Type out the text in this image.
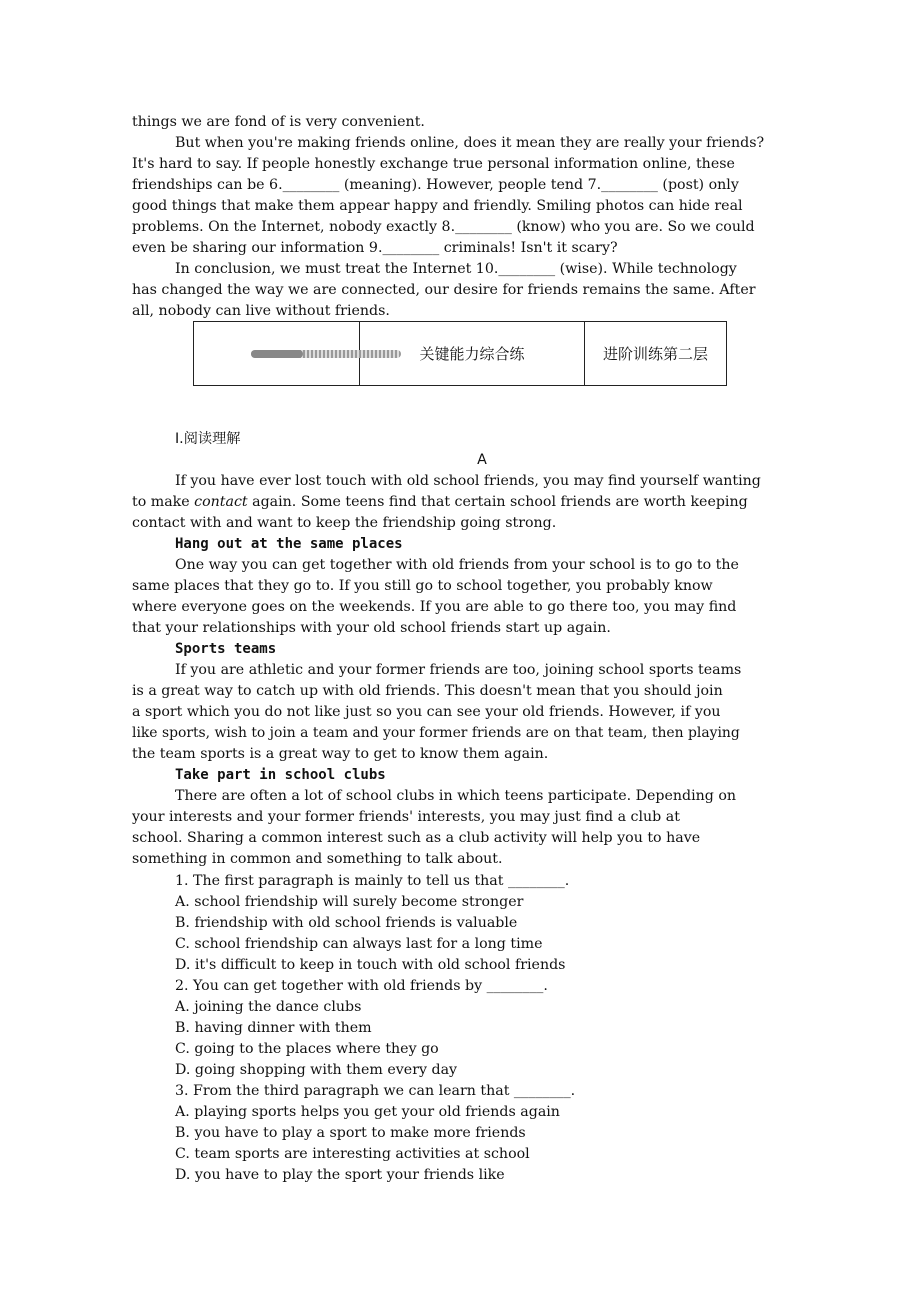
things we are fond of is very convenient.
But when you're making friends online, does it mean they are really your friends?
It's hard to say. If people honestly exchange true personal information online, these
friendships can be 6.________ (meaning). However, people tend 7.________ (post) only
good things that make them appear happy and friendly. Smiling photos can hide real
problems. On the Internet, nobody exactly 8.________ (know) who you are. So we could
even be sharing our information 9.________ criminals! Isn't it scary?
In conclusion, we must treat the Internet 10.________ (wise). While technology
has changed the way we are connected, our desire for friends remains the same. After
all, nobody can live without friends.
	关键能力综合练	进阶训练第二层
Ⅰ.阅读理解
A
If you have ever lost touch with old school friends, you may find yourself wanting
to make contact again. Some teens find that certain school friends are worth keeping
contact with and want to keep the friendship going strong.
Hang out at the same places
One way you can get together with old friends from your school is to go to the
same places that they go to. If you still go to school together, you probably know
where everyone goes on the weekends. If you are able to go there too, you may find
that your relationships with your old school friends start up again.
Sports teams
If you are athletic and your former friends are too, joining school sports teams
is a great way to catch up with old friends. This doesn't mean that you should join
a sport which you do not like just so you can see your old friends. However, if you
like sports, wish to join a team and your former friends are on that team, then playing
the team sports is a great way to get to know them again.
Take part in school clubs
There are often a lot of school clubs in which teens participate. Depending on
your interests and your former friends' interests, you may just find a club at
school. Sharing a common interest such as a club activity will help you to have
something in common and something to talk about.
1. The first paragraph is mainly to tell us that ________.
A. school friendship will surely become stronger
B. friendship with old school friends is valuable
C. school friendship can always last for a long time
D. it's difficult to keep in touch with old school friends
2. You can get together with old friends by ________.
A. joining the dance clubs
B. having dinner with them
C. going to the places where they go
D. going shopping with them every day
3. From the third paragraph we can learn that ________.
A. playing sports helps you get your old friends again
B. you have to play a sport to make more friends
C. team sports are interesting activities at school
D. you have to play the sport your friends like
